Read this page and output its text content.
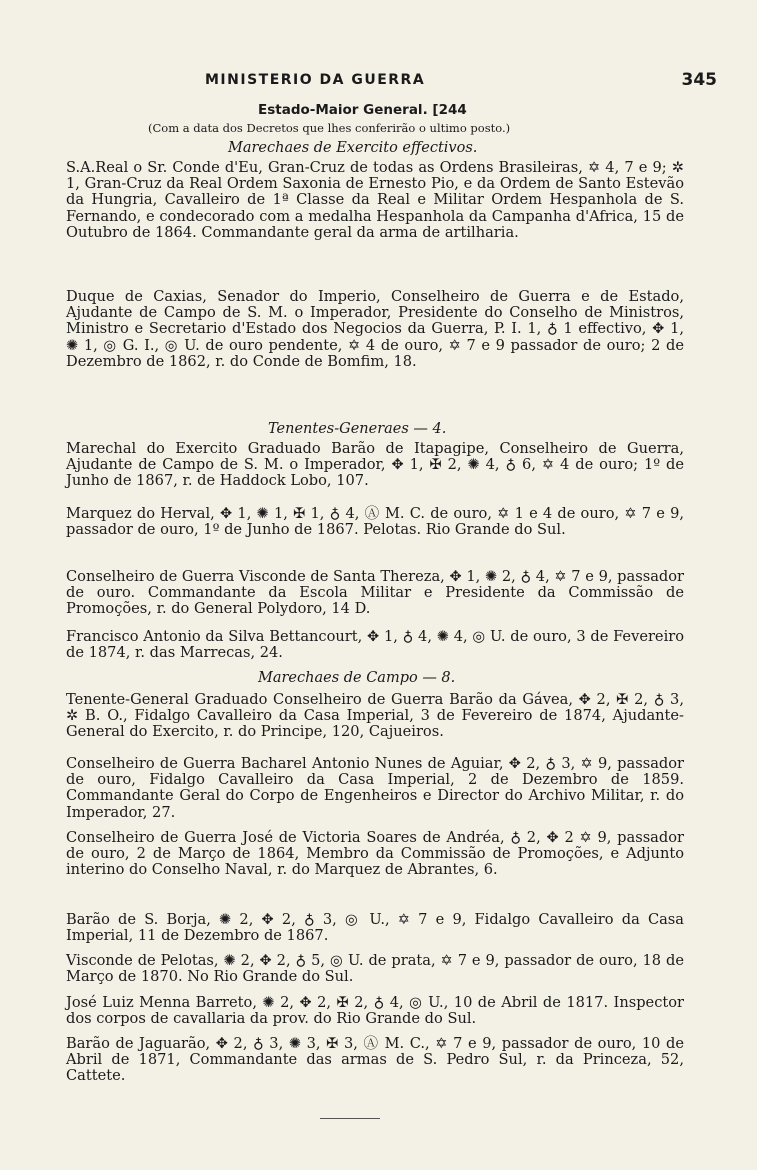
MINISTERIO DA GUERRA	345
Estado-Maior General. [244
(Com a data dos Decretos que lhes conferirão o ultimo posto.)
Marechaes de Exercito effectivos.

S.A.Real o Sr. Conde d'Eu, Gran-Cruz de todas as Ordens Brasileiras, ✡ 4, 7 e 9; ✲ 1, Gran-Cruz da Real Ordem Saxonia de Ernesto Pio, e da Ordem de Santo Estevão da Hungria, Cavalleiro de 1ª Classe da Real e Militar Ordem Hespanhola de S. Fernando, e condecorado com a medalha Hespanhola da Campanha d'Africa, 15 de Outubro de 1864. Commandante geral da arma de artilharia.

Duque de Caxias, Senador do Imperio, Conselheiro de Guerra e de Estado, Ajudante de Campo de S. M. o Imperador, Presidente do Conselho de Ministros, Ministro e Secretario d'Estado dos Negocios da Guerra, P. I. 1, ♁ 1 effectivo, ✥ 1, ✺ 1, ◎ G. I., ◎ U. de ouro pendente, ✡ 4 de ouro, ✡ 7 e 9 passador de ouro; 2 de Dezembro de 1862, r. do Conde de Bomfim, 18.

Tenentes-Generaes — 4.

Marechal do Exercito Graduado Barão de Itapagipe, Conselheiro de Guerra, Ajudante de Campo de S. M. o Imperador, ✥ 1, ✠ 2, ✺ 4, ♁ 6, ✡ 4 de ouro; 1º de Junho de 1867, r. de Haddock Lobo, 107.

Marquez do Herval, ✥ 1, ✺ 1, ✠ 1, ♁ 4, Ⓐ M. C. de ouro, ✡ 1 e 4 de ouro, ✡ 7 e 9, passador de ouro, 1º de Junho de 1867. Pelotas. Rio Grande do Sul.

Conselheiro de Guerra Visconde de Santa Thereza, ✥ 1, ✺ 2, ♁ 4, ✡ 7 e 9, passador de ouro. Commandante da Escola Militar e Presidente da Commissão de Promoções, r. do General Polydoro, 14 D.

Francisco Antonio da Silva Bettancourt, ✥ 1, ♁ 4, ✺ 4, ◎ U. de ouro, 3 de Fevereiro de 1874, r. das Marrecas, 24.

Marechaes de Campo — 8.

Tenente-General Graduado Conselheiro de Guerra Barão da Gávea, ✥ 2, ✠ 2, ♁ 3, ✲ B. O., Fidalgo Cavalleiro da Casa Imperial, 3 de Fevereiro de 1874, Ajudante-General do Exercito, r. do Principe, 120, Cajueiros.

Conselheiro de Guerra Bacharel Antonio Nunes de Aguiar, ✥ 2, ♁ 3, ✡ 9, passador de ouro, Fidalgo Cavalleiro da Casa Imperial, 2 de Dezembro de 1859. Commandante Geral do Corpo de Engenheiros e Director do Archivo Militar, r. do Imperador, 27.

Conselheiro de Guerra José de Victoria Soares de Andréa, ♁ 2, ✥ 2 ✡ 9, passador de ouro, 2 de Março de 1864, Membro da Commissão de Promoções, e Adjunto interino do Conselho Naval, r. do Marquez de Abrantes, 6.

Barão de S. Borja, ✺ 2, ✥ 2, ♁ 3, ◎ U., ✡ 7 e 9, Fidalgo Cavalleiro da Casa Imperial, 11 de Dezembro de 1867.

Visconde de Pelotas, ✺ 2, ✥ 2, ♁ 5, ◎ U. de prata, ✡ 7 e 9, passador de ouro, 18 de Março de 1870. No Rio Grande do Sul.

José Luiz Menna Barreto, ✺ 2, ✥ 2, ✠ 2, ♁ 4, ◎ U., 10 de Abril de 1817. Inspector dos corpos de cavallaria da prov. do Rio Grande do Sul.

Barão de Jaguarão, ✥ 2, ♁ 3, ✺ 3, ✠ 3, Ⓐ M. C., ✡ 7 e 9, passador de ouro, 10 de Abril de 1871, Commandante das armas de S. Pedro Sul, r. da Princeza, 52, Cattete.
